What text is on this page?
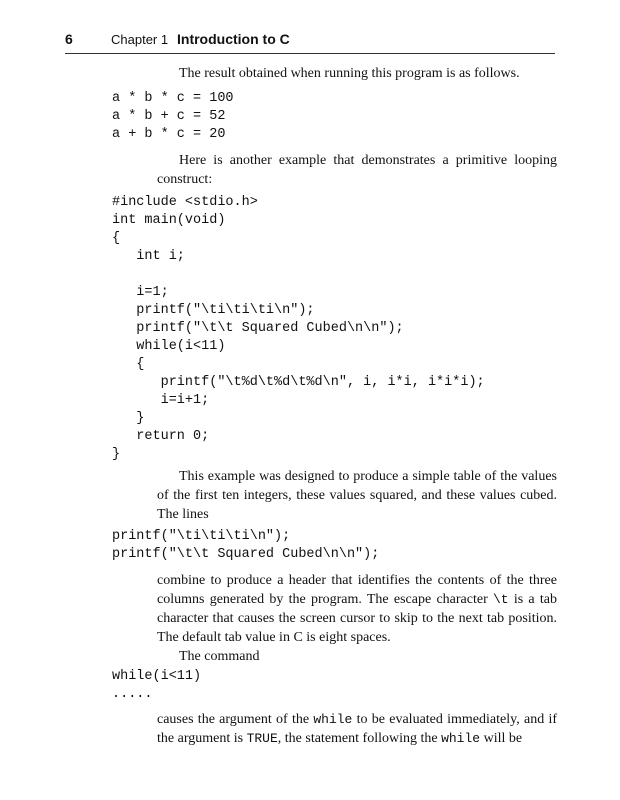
6	Chapter 1 Introduction to C

The result obtained when running this program is as follows.

a * b * c = 100
a * b + c = 52
a + b * c = 20

Here is another example that demonstrates a primitive looping construct:

#include <stdio.h>
int main(void)
{
int i;

i=1;
printf("\ti\ti\ti\n");
printf("\t\t Squared Cubed\n\n");
while(i<11)
{
printf("\t%d\t%d\t%d\n", i, i*i, i*i*i);
i=i+1;
}
return 0;
}

This example was designed to produce a simple table of the values of the first ten integers, these values squared, and these values cubed. The lines

printf("\ti\ti\ti\n");
printf("\t\t Squared Cubed\n\n");

combine to produce a header that identifies the contents of the three columns generated by the program. The escape character \t is a tab character that causes the screen cursor to skip to the next tab position. The default tab value in C is eight spaces.

The command

while(i<11)
.....

causes the argument of the while to be evaluated immediately, and if the argument is TRUE, the statement following the while will be
